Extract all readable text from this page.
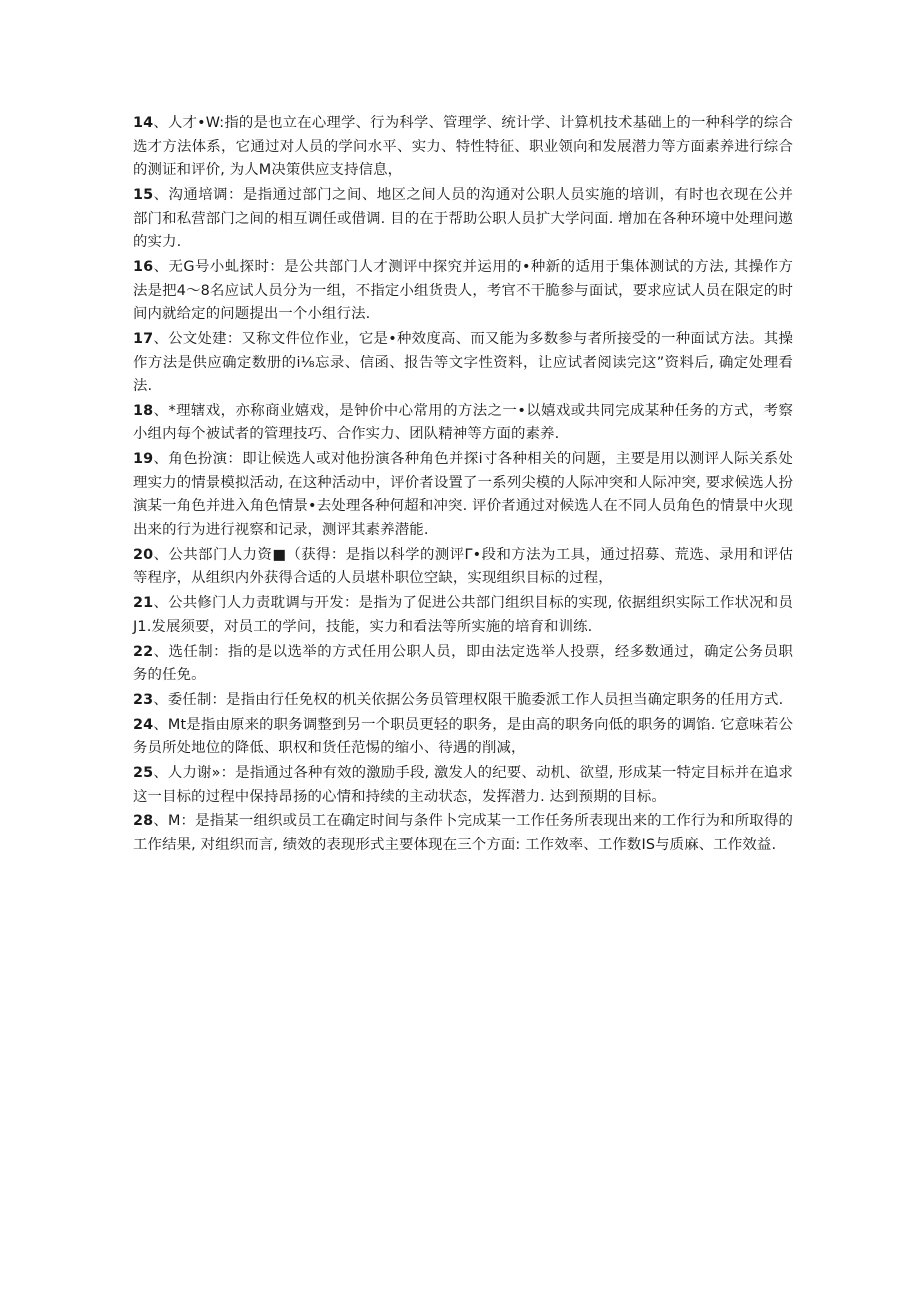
14、人才•W:指的是也立在心理学、行为科学、管理学、统计学、计算机技术基础上的一种科学的综合选才方法体系，它通过对人员的学问水平、实力、特性特征、职业领向和发展潜力等方面素养进行综合的测证和评价, 为人M决策供应支持信息，

15、沟通培调：是指通过部门之间、地区之间人员的沟通对公职人员实施的培训，有时也衣现在公并部门和私营部门之间的相互调任或借调. 目的在于帮助公职人员扩大学问面. 增加在各种环境中处理问遨的实力.

16、无G号小虬探时：是公共部门人才测评中探究并运用的•种新的适用于集体测试的方法, 其操作方法是把4〜8名应试人员分为一组，不指定小组货贵人，考官不干脆参与面试，要求应试人员在限定的时间内就给定的问题提出一个小组行法.

17、公文处建：又称文件位作业，它是•种效度高、而又能为多数参与者所接受的一种面试方法。其操作方法是供应确定数册的i⅛忘录、信函、报告等文字性资料，让应试者阅读完这”资料后, 确定处理看法.

18、*理辖戏，亦称商业嬉戏，是钟价中心常用的方法之一•以嬉戏或共同完成某种任务的方式，考察小组内每个被试者的管理技巧、合作实力、团队精神等方面的素养.

19、角色扮演：即让候选人或对他扮演各种角色并探i寸各种相关的问题，主要是用以测评人际关系处理实力的情景模拟活动, 在这种活动中，评价者设置了一系列尖模的人际冲突和人际冲突, 要求候选人扮演某一角色并进入角色情景•去处理各种何超和冲突. 评价者通过对候选人在不同人员角色的情景中火现出来的行为进行视察和记录，测评其素养潜能.

20、公共部门人力资■（获得：是指以科学的测评Γ•段和方法为工具，通过招募、荒选、录用和评估等程序，从组织内外获得合适的人员堪朴职位空缺，实现组织目标的过程，

21、公共修门人力责耽调与开发：是指为了促进公共部门组织目标的实现, 依据组织实际工作状况和员J1.发展须要，对员工的学问，技能，实力和看法等所实施的培育和训练.

22、选任制：指的是以选举的方式任用公职人员，即由法定选举人投票，经多数通过，确定公务员职务的任免。

23、委任制：是指由行任免权的机关依据公务员管理权限干脆委派工作人员担当确定职务的任用方式.

24、Mt是指由原来的职务调整到另一个职员更轻的职务，是由高的职务向低的职务的调馅. 它意味若公务员所处地位的降低、职权和货任范惕的缩小、待遇的削减，

25、人力谢»：是指通过各种有效的激励手段, 激发人的纪要、动机、欲望, 形成某一特定目标并在追求这一目标的过程中保持昂扬的心情和持续的主动状态，发挥潜力. 达到预期的目标。

28、M：是指某一组织或员工在确定时间与条件卜完成某一工作任务所表现出来的工作行为和所取得的工作结果, 对组织而言, 绩效的表现形式主要体现在三个方面: 工作效率、工作数IS与质麻、工作效益.
